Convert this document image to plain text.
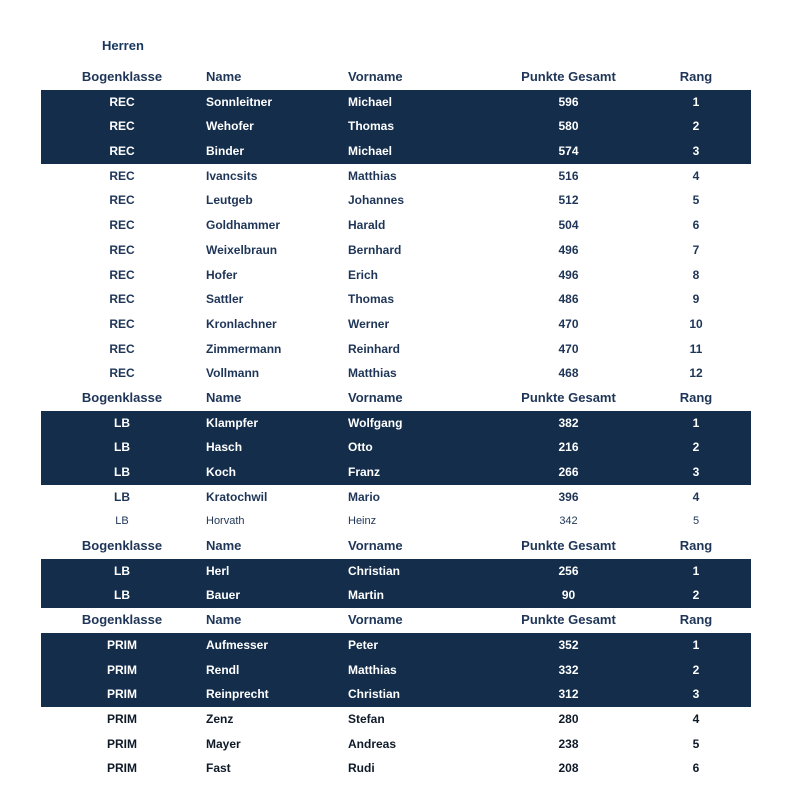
Herren
Bogenklasse	Name	Vorname	Punkte Gesamt	Rang
REC	Sonnleitner	Michael	596	1
REC	Wehofer	Thomas	580	2
REC	Binder	Michael	574	3
REC	Ivancsits	Matthias	516	4
REC	Leutgeb	Johannes	512	5
REC	Goldhammer	Harald	504	6
REC	Weixelbraun	Bernhard	496	7
REC	Hofer	Erich	496	8
REC	Sattler	Thomas	486	9
REC	Kronlachner	Werner	470	10
REC	Zimmermann	Reinhard	470	11
REC	Vollmann	Matthias	468	12
Bogenklasse	Name	Vorname	Punkte Gesamt	Rang
LB	Klampfer	Wolfgang	382	1
LB	Hasch	Otto	216	2
LB	Koch	Franz	266	3
LB	Kratochwil	Mario	396	4
LB	Horvath	Heinz	342	5
Bogenklasse	Name	Vorname	Punkte Gesamt	Rang
LB	Herl	Christian	256	1
LB	Bauer	Martin	90	2
Bogenklasse	Name	Vorname	Punkte Gesamt	Rang
PRIM	Aufmesser	Peter	352	1
PRIM	Rendl	Matthias	332	2
PRIM	Reinprecht	Christian	312	3
PRIM	Zenz	Stefan	280	4
PRIM	Mayer	Andreas	238	5
PRIM	Fast	Rudi	208	6
